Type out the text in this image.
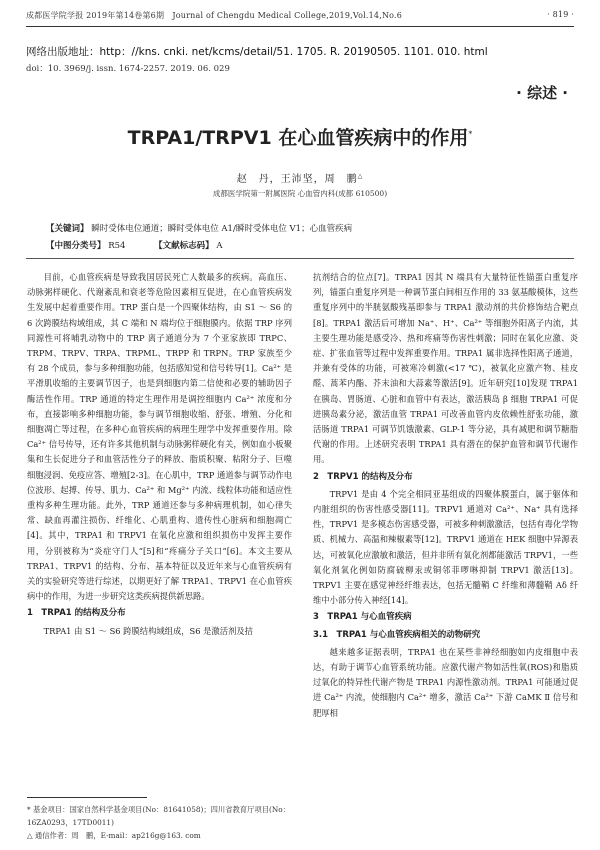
成都医学院学报 2019年第14卷第6期　Journal of Chengdu Medical College,2019,Vol.14,No.6	· 819 ·
网络出版地址：http：//kns. cnki. net/kcms/detail/51. 1705. R. 20190505. 1101. 010. html
doi：10. 3969/j. issn. 1674-2257. 2019. 06. 029
· 综述 ·
TRPA1/TRPV1 在心血管疾病中的作用*
赵　丹，王沛坚，周　鹏△
成都医学院第一附属医院 心血管内科(成都 610500)
【关键词】 瞬时受体电位通道；瞬时受体电位 A1/瞬时受体电位 V1；心血管疾病
【中图分类号】 R54	【文献标志码】 A

目前，心血管疾病是导致我国居民死亡人数最多的疾病。高血压、动脉粥样硬化、代谢紊乱和衰老等危险因素相互促进，在心血管疾病发生发展中起着重要作用。TRP 蛋白是一个四聚体结构，由 S1 ～ S6 的 6 次跨膜结构域组成，其 C 端和 N 端均位于细胞膜内。依据 TRP 序列同源性可将哺乳动物中的 TRP 离子通道分为 7 个亚家族即 TRPC、TRPM、TRPV、TRPA、TRPML、TRPP 和 TRPN。TRP 家族至少有 28 个成员，参与多种细胞功能，包括感知觉和信号转导[1]。Ca²⁺ 是平滑肌收缩的主要调节因子，也是到细胞内第二信使和必要的辅助因子酶活性作用。TRP 通道的特定生理作用是调控细胞内 Ca²⁺ 浓度和分布，直接影响多种细胞功能，参与调节细胞收缩、舒张、增殖、分化和细胞凋亡等过程，在多种心血管疾病的病理生理学中发挥重要作用。除 Ca²⁺ 信号传导，还有许多其他机制与动脉粥样硬化有关，例如血小板聚集和生长促进分子和血管活性分子的释放、脂质积聚、粘附分子、巨噬细胞浸润、免疫应答、增殖[2-3]。在心肌中，TRP 通道参与调节动作电位波形、起搏、传导、肌力、Ca²⁺ 和 Mg²⁺ 内流、线粒体功能和适应性重构多种生理功能。此外，TRP 通道还参与多种病理机制，如心律失常、缺血再灌注损伤、纤维化、心肌重构、遗传性心脏病和细胞凋亡[4]。其中，TRPA1 和 TRPV1 在氧化应激和组织损伤中发挥主要作用，分别被称为“炎症守门人”[5]和“疼痛分子关口”[6]。本文主要从 TRPA1、TRPV1 的结构、分布、基本特征以及近年来与心血管疾病有关的实验研究等进行综述，以期更好了解 TRPA1、TRPV1 在心血管疾病中的作用，为进一步研究这类疾病提供新思路。

1　TRPA1 的结构及分布

TRPA1 由 S1 ～ S6 跨膜结构域组成，S6 是激活剂及拮

抗剂结合的位点[7]。TRPA1 因其 N 端具有大量特征性锚蛋白重复序列，锚蛋白重复序列是一种调节蛋白间相互作用的 33 氨基酸模体，这些重复序列中的半胱氨酸残基即参与 TRPA1 激动剂的共价修饰结合靶点[8]。TRPA1 激活后可增加 Na⁺、H⁺、Ca²⁺ 等细胞外阳离子内流，其主要生理功能是感受冷、热和疼痛等伤害性刺激；同时在氧化应激、炎症、扩张血管等过程中发挥重要作用。TRPA1 属非选择性阳离子通道，并兼有受体的功能，可被寒冷刺激(<17 ℃)，被氧化应激产物、桂皮醛、蒿苯内酯、芥末油和大蒜素等激活[9]。近年研究[10]发现 TRPA1 在胰岛、胃肠道、心脏和血管中有表达，激活胰岛 β 细胞 TRPA1 可促进胰岛素分泌，激活血管 TRPA1 可改善血管内皮依赖性舒张功能，激活肠道 TRPA1 可调节饥饿激素、GLP-1 等分泌，具有减肥和调节糖脂代谢的作用。上述研究表明 TRPA1 具有潜在的保护血管和调节代谢作用。

2　TRPV1 的结构及分布

TRPV1 是由 4 个完全相同亚基组成的四聚体膜蛋白，属于躯体和内脏组织的伤害性感受器[11]。TRPV1 通道对 Ca²⁺、Na⁺ 具有选择性，TRPV1 是多模态伤害感受器，可被多种刺激激活，包括有毒化学物质、机械力、高温和辣椒素等[12]。TRPV1 通道在 HEK 细胞中异源表达，可被氧化应激敏和激活，但并非所有氧化剂都能激活 TRPV1，一些氧化剂氧化例如防腐硫柳汞或铜邻菲啰啉抑制 TRPV1 激活[13]。TRPV1 主要在感觉神经纤维表达，包括无髓鞘 C 纤维和薄髓鞘 Aδ 纤维中小部分传入神经[14]。

3　TRPA1 与心血管疾病
3.1　TRPA1 与心血管疾病相关的动物研究

越来越多证据表明，TRPA1 也在某些非神经细胞如内皮细胞中表达，有助于调节心血管系统功能。应激代谢产物如活性氧(ROS)和脂质过氧化的特异性代谢产物是 TRPA1 内源性激动剂。TRPA1 可能通过促进 Ca²⁺ 内流，使细胞内 Ca²⁺ 增多，激活 Ca²⁺ 下游 CaMK Ⅱ 信号和肥厚相

* 基金项目：国家自然科学基金项目(No：81641058)；四川省教育厅项目(No：16ZA0293，17TD0011)
△ 通信作者：周　鹏，E-mail：ap216g@163. com
